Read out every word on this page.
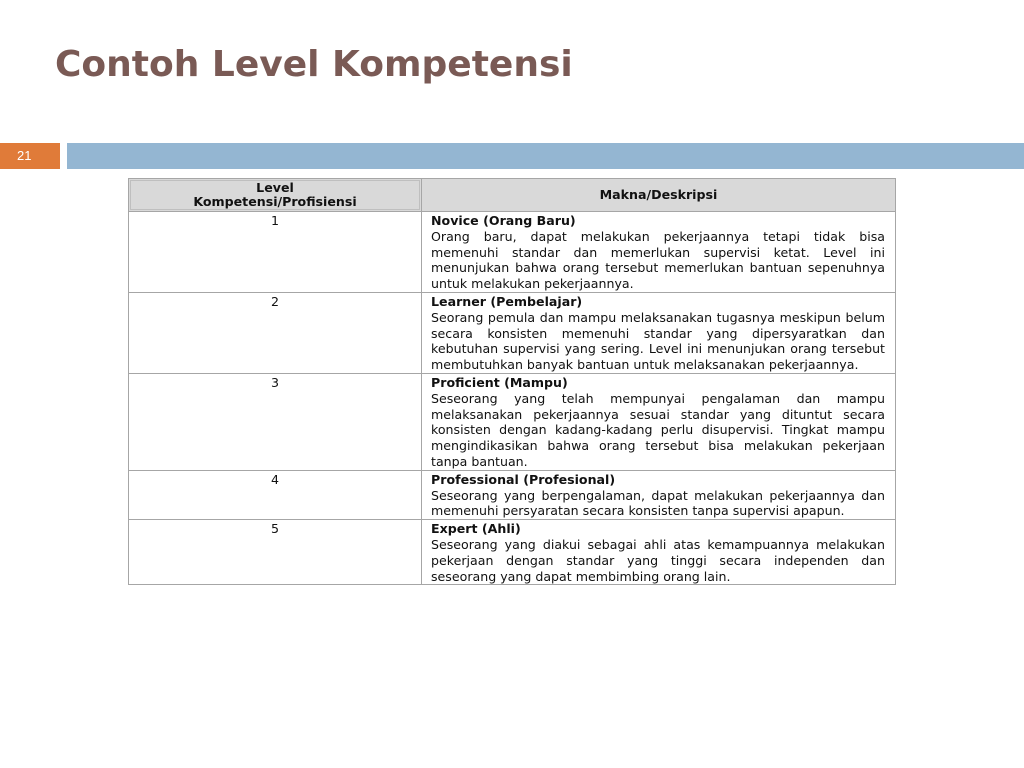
Contoh Level Kompetensi
21
Level
Kompetensi/Profisiensi	Makna/Deskripsi
1	Novice (Orang Baru)
Orang baru, dapat melakukan pekerjaannya tetapi tidak bisa memenuhi standar dan memerlukan supervisi ketat. Level ini menunjukan bahwa orang tersebut memerlukan bantuan sepenuhnya untuk melakukan pekerjaannya.

2	Learner (Pembelajar)
Seorang pemula dan mampu melaksanakan tugasnya meskipun belum secara konsisten memenuhi standar yang dipersyaratkan dan kebutuhan supervisi yang sering. Level ini menunjukan orang tersebut membutuhkan banyak bantuan untuk melaksanakan pekerjaannya.

3	Proficient (Mampu)
Seseorang yang telah mempunyai pengalaman dan mampu melaksanakan pekerjaannya sesuai standar yang dituntut secara konsisten dengan kadang-kadang perlu disupervisi. Tingkat mampu mengindikasikan bahwa orang tersebut bisa melakukan pekerjaan tanpa bantuan.

4	Professional (Profesional)
Seseorang yang berpengalaman, dapat melakukan pekerjaannya dan memenuhi persyaratan secara konsisten tanpa supervisi apapun.

5	Expert (Ahli)
Seseorang yang diakui sebagai ahli atas kemampuannya melakukan pekerjaan dengan standar yang tinggi secara independen dan seseorang yang dapat membimbing orang lain.
